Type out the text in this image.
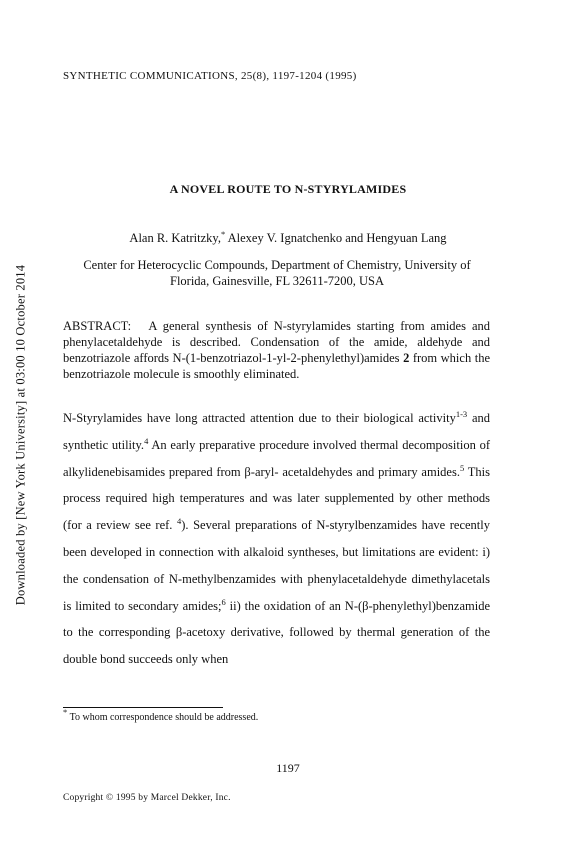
Downloaded by [New York University] at 03:00 10 October 2014
SYNTHETIC COMMUNICATIONS, 25(8), 1197-1204 (1995)
A NOVEL ROUTE TO N-STYRYLAMIDES
Alan R. Katritzky,* Alexey V. Ignatchenko and Hengyuan Lang
Center for Heterocyclic Compounds, Department of Chemistry, University of
Florida, Gainesville, FL 32611-7200, USA
ABSTRACT: A general synthesis of N-styrylamides starting from amides and phenylacetaldehyde is described. Condensation of the amide, aldehyde and benzotriazole affords N-(1-benzotriazol-1-yl-2-phenylethyl)amides 2 from which the benzotriazole molecule is smoothly eliminated.
N-Styrylamides have long attracted attention due to their biological activity$^{1-3}$ and synthetic utility.$^4$ An early preparative procedure involved thermal decomposition of alkylidenebisamides prepared from β-aryl- acetaldehydes and primary amides.$^5$ This process required high temperatures and was later supplemented by other methods (for a review see ref. $^4$). Several preparations of N-styrylbenzamides have recently been developed in connection with alkaloid syntheses, but limitations are evident: i) the condensation of N-methylbenzamides with phenylacetaldehyde dimethylacetals is limited to secondary amides;$^6$ ii) the oxidation of an N-(β-phenylethyl)benzamide to the corresponding β-acetoxy derivative, followed by thermal generation of the double bond succeeds only when
* To whom correspondence should be addressed.
1197
Copyright © 1995 by Marcel Dekker, Inc.
